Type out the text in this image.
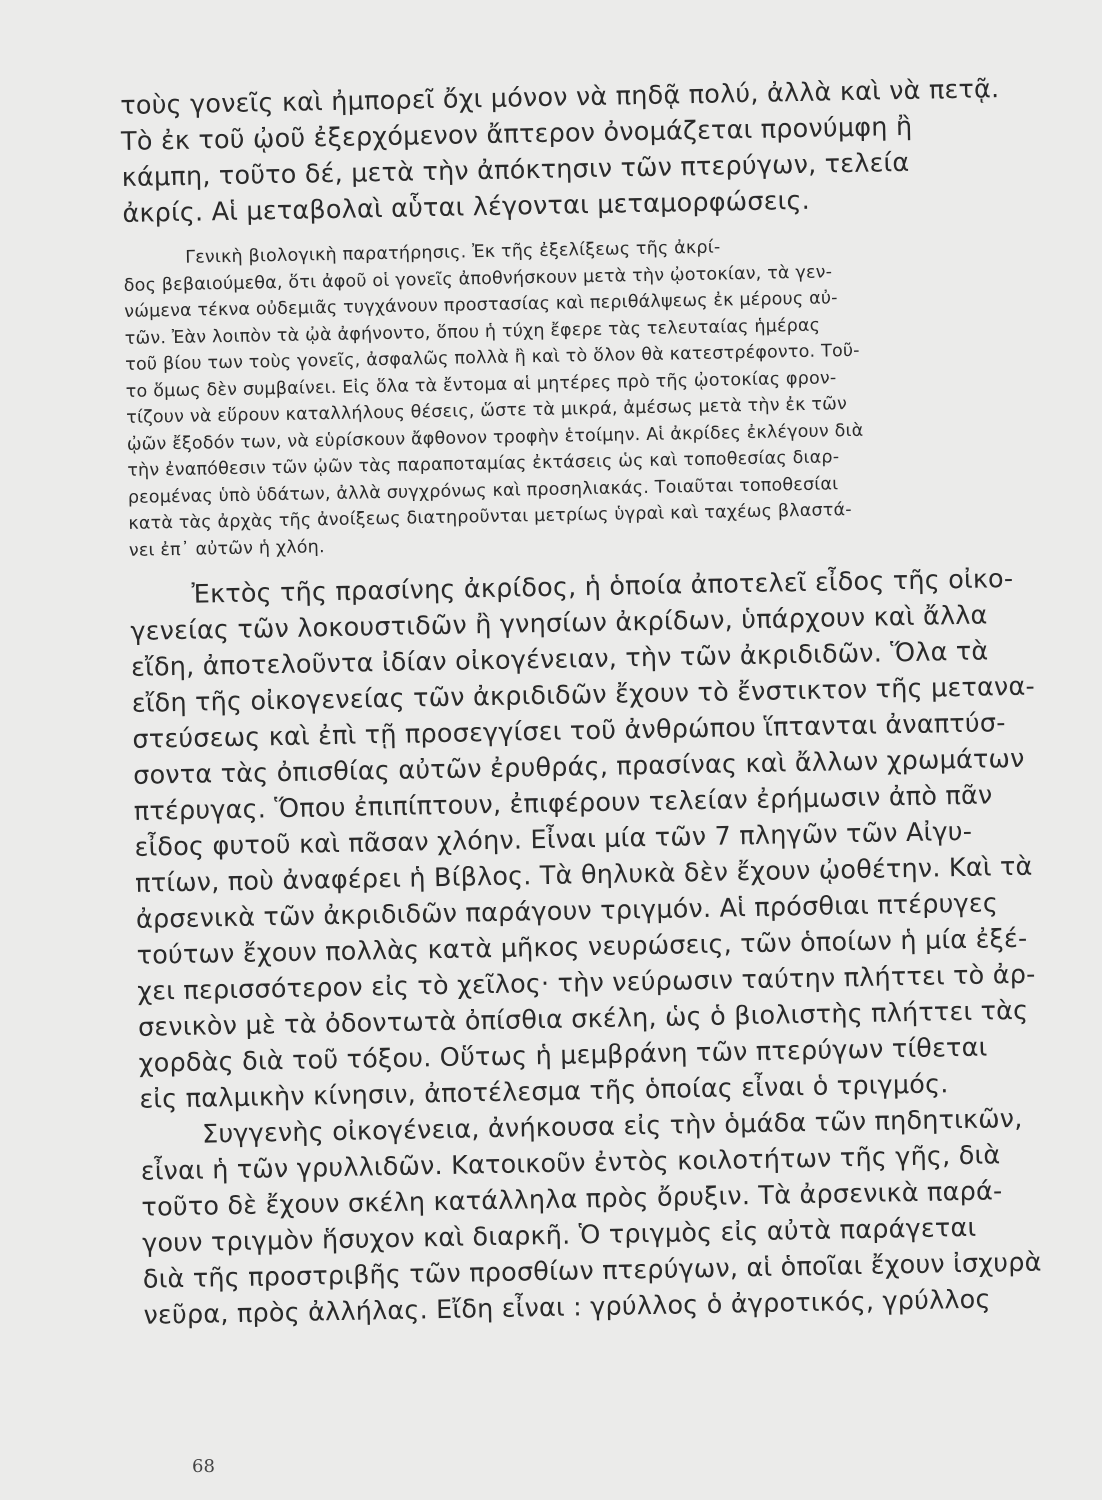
τοὺς γονεῖς καὶ ἠμπορεῖ ὄχι μόνον νὰ πηδᾷ πολύ, ἀλλὰ καὶ νὰ πετᾷ.
Τὸ ἐκ τοῦ ᾠοῦ ἐξερχόμενον ἄπτερον ὀνομάζεται προνύμφη ἢ
κάμπη, τοῦτο δέ, μετὰ τὴν ἀπόκτησιν τῶν πτερύγων, τελεία
ἀκρίς. Αἱ μεταβολαὶ αὗται λέγονται μεταμορφώσεις.
Γενικὴ βιολογικὴ παρατήρησις. Ἐκ τῆς ἐξελίξεως τῆς ἀκρί-
δος βεβαιούμεθα, ὅτι ἀφοῦ οἱ γονεῖς ἀποθνήσκουν μετὰ τὴν ᾠοτοκίαν, τὰ γεν-
νώμενα τέκνα οὐδεμιᾶς τυγχάνουν προστασίας καὶ περιθάλψεως ἐκ μέρους αὐ-
τῶν. Ἐὰν λοιπὸν τὰ ᾠὰ ἀφήνοντο, ὅπου ἡ τύχη ἔφερε τὰς τελευταίας ἡμέρας
τοῦ βίου των τοὺς γονεῖς, ἀσφαλῶς πολλὰ ἢ καὶ τὸ ὅλον θὰ κατεστρέφοντο. Τοῦ-
το ὅμως δὲν συμβαίνει. Εἰς ὅλα τὰ ἔντομα αἱ μητέρες πρὸ τῆς ᾠοτοκίας φρον-
τίζουν νὰ εὕρουν καταλλήλους θέσεις, ὥστε τὰ μικρά, ἀμέσως μετὰ τὴν ἐκ τῶν
ᾠῶν ἔξοδόν των, νὰ εὑρίσκουν ἄφθονον τροφὴν ἑτοίμην. Αἱ ἀκρίδες ἐκλέγουν διὰ
τὴν ἐναπόθεσιν τῶν ᾠῶν τὰς παραποταμίας ἐκτάσεις ὡς καὶ τοποθεσίας διαρ-
ρεομένας ὑπὸ ὑδάτων, ἀλλὰ συγχρόνως καὶ προσηλιακάς. Τοιαῦται τοποθεσίαι
κατὰ τὰς ἀρχὰς τῆς ἀνοίξεως διατηροῦνται μετρίως ὑγραὶ καὶ ταχέως βλαστά-
νει ἐπ᾽ αὐτῶν ἡ χλόη.
Ἐκτὸς τῆς πρασίνης ἀκρίδος, ἡ ὁποία ἀποτελεῖ εἶδος τῆς οἰκο-
γενείας τῶν λοκουστιδῶν ἢ γνησίων ἀκρίδων, ὑπάρχουν καὶ ἄλλα
εἴδη, ἀποτελοῦντα ἰδίαν οἰκογένειαν, τὴν τῶν ἀκριδιδῶν. Ὅλα τὰ
εἴδη τῆς οἰκογενείας τῶν ἀκριδιδῶν ἔχουν τὸ ἔνστικτον τῆς μετανα-
στεύσεως καὶ ἐπὶ τῇ προσεγγίσει τοῦ ἀνθρώπου ἵπτανται ἀναπτύσ-
σοντα τὰς ὀπισθίας αὐτῶν ἐρυθράς, πρασίνας καὶ ἄλλων χρωμάτων
πτέρυγας. Ὅπου ἐπιπίπτουν, ἐπιφέρουν τελείαν ἐρήμωσιν ἀπὸ πᾶν
εἶδος φυτοῦ καὶ πᾶσαν χλόην. Εἶναι μία τῶν 7 πληγῶν τῶν Αἰγυ-
πτίων, ποὺ ἀναφέρει ἡ Βίβλος. Τὰ θηλυκὰ δὲν ἔχουν ᾠοθέτην. Καὶ τὰ
ἀρσενικὰ τῶν ἀκριδιδῶν παράγουν τριγμόν. Αἱ πρόσθιαι πτέρυγες
τούτων ἔχουν πολλὰς κατὰ μῆκος νευρώσεις, τῶν ὁποίων ἡ μία ἐξέ-
χει περισσότερον εἰς τὸ χεῖλος· τὴν νεύρωσιν ταύτην πλήττει τὸ ἀρ-
σενικὸν μὲ τὰ ὀδοντωτὰ ὀπίσθια σκέλη, ὡς ὁ βιολιστὴς πλήττει τὰς
χορδὰς διὰ τοῦ τόξου. Οὕτως ἡ μεμβράνη τῶν πτερύγων τίθεται
εἰς παλμικὴν κίνησιν, ἀποτέλεσμα τῆς ὁποίας εἶναι ὁ τριγμός.
Συγγενὴς οἰκογένεια, ἀνήκουσα εἰς τὴν ὁμάδα τῶν πηδητικῶν,
εἶναι ἡ τῶν γρυλλιδῶν. Κατοικοῦν ἐντὸς κοιλοτήτων τῆς γῆς, διὰ
τοῦτο δὲ ἔχουν σκέλη κατάλληλα πρὸς ὄρυξιν. Τὰ ἀρσενικὰ παρά-
γουν τριγμὸν ἥσυχον καὶ διαρκῆ. Ὁ τριγμὸς εἰς αὐτὰ παράγεται
διὰ τῆς προστριβῆς τῶν προσθίων πτερύγων, αἱ ὁποῖαι ἔχουν ἰσχυρὰ
νεῦρα, πρὸς ἀλλήλας. Εἴδη εἶναι : γρύλλος ὁ ἀγροτικός, γρύλλος
68
